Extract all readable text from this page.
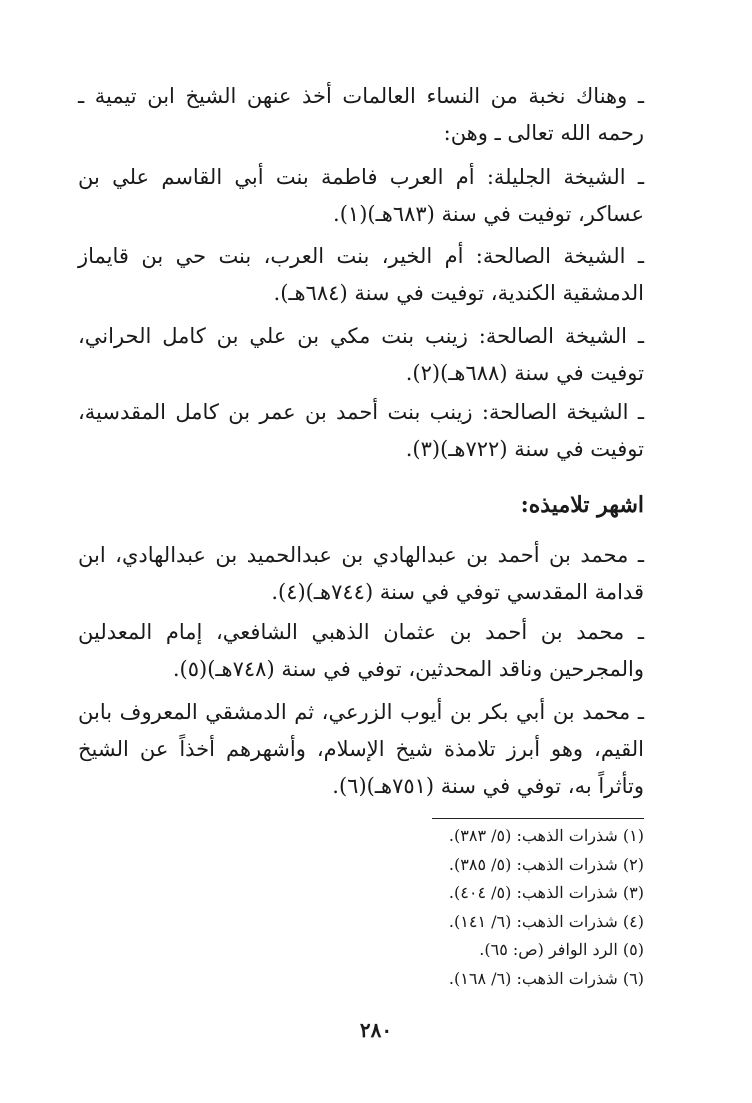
ـ وهناك نخبة من النساء العالمات أخذ عنهن الشيخ ابن تيمية ـ رحمه الله تعالى ـ وهن:

ـ الشيخة الجليلة: أم العرب فاطمة بنت أبي القاسم علي بن عساكر، توفيت في سنة (٦٨٣هـ)(١).

ـ الشيخة الصالحة: أم الخير، بنت العرب، بنت حي بن قايماز الدمشقية الكندية، توفيت في سنة (٦٨٤هـ).

ـ الشيخة الصالحة: زينب بنت مكي بن علي بن كامل الحراني، توفيت في سنة (٦٨٨هـ)(٢).

ـ الشيخة الصالحة: زينب بنت أحمد بن عمر بن كامل المقدسية، توفيت في سنة (٧٢٢هـ)(٣).

اشهر تلاميذه:

ـ محمد بن أحمد بن عبدالهادي بن عبدالحميد بن عبدالهادي، ابن قدامة المقدسي توفي في سنة (٧٤٤هـ)(٤).

ـ محمد بن أحمد بن عثمان الذهبي الشافعي، إمام المعدلين والمجرحين وناقد المحدثين، توفي في سنة (٧٤٨هـ)(٥).

ـ محمد بن أبي بكر بن أيوب الزرعي، ثم الدمشقي المعروف بابن القيم، وهو أبرز تلامذة شيخ الإسلام، وأشهرهم أخذاً عن الشيخ وتأثراً به، توفي في سنة (٧٥١هـ)(٦).

(١) شذرات الذهب: (٥/ ٣٨٣).
(٢) شذرات الذهب: (٥/ ٣٨٥).
(٣) شذرات الذهب: (٥/ ٤٠٤).
(٤) شذرات الذهب: (٦/ ١٤١).
(٥) الرد الوافر (ص: ٦٥).
(٦) شذرات الذهب: (٦/ ١٦٨).
٢٨٠
